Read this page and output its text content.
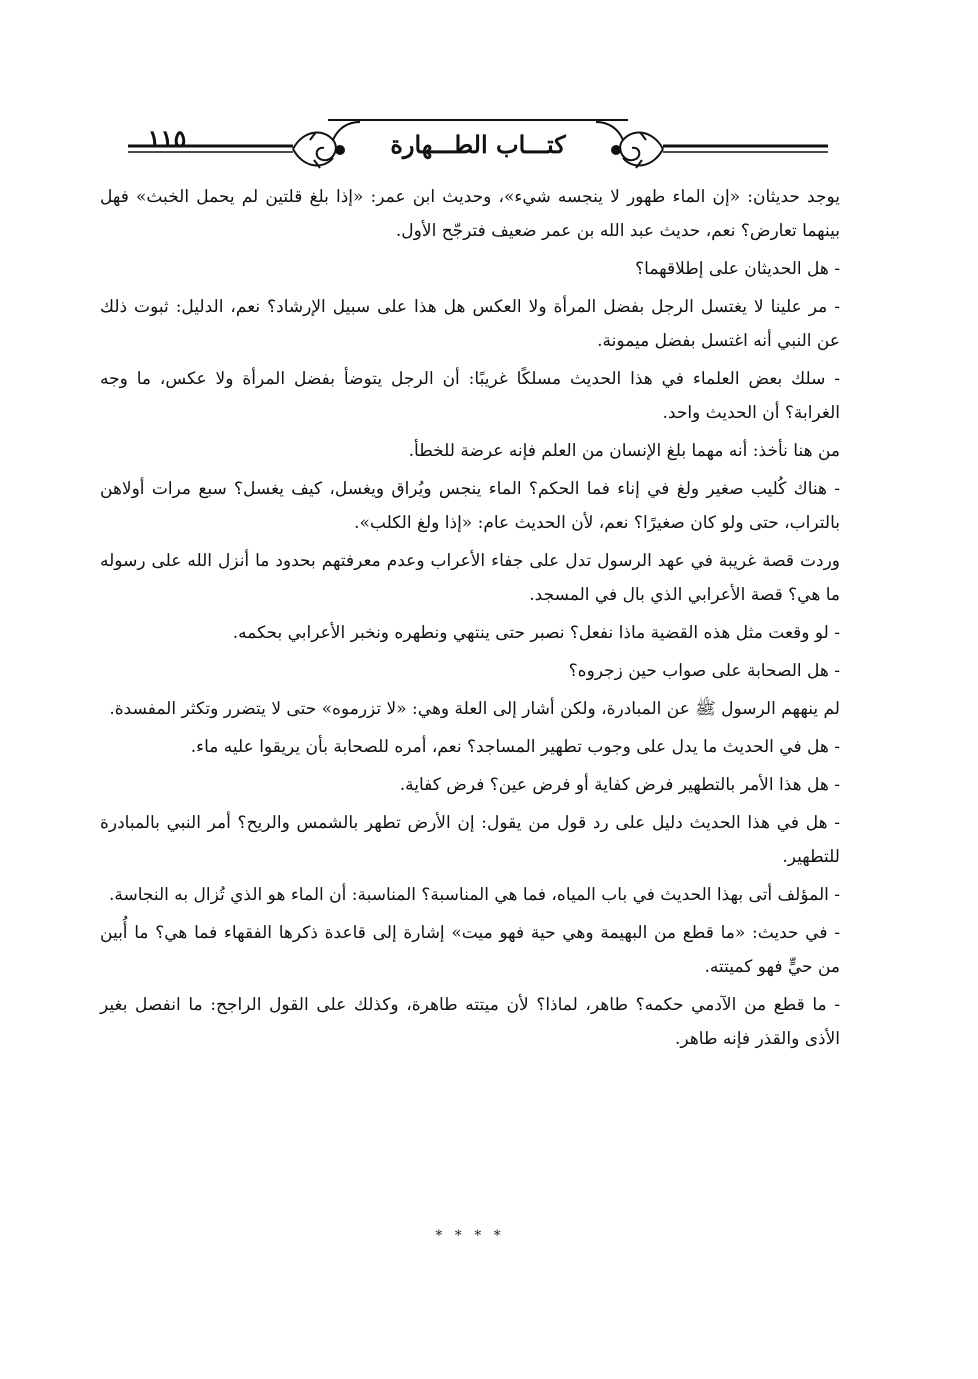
١١٥	كتـــاب الطـــهارة

يوجد حديثان: «إن الماء طهور لا ينجسه شيء»، وحديث ابن عمر: «إذا بلغ قلتين لم يحمل الخبث» فهل بينهما تعارض؟ نعم، حديث عبد الله بن عمر ضعيف فترجّح الأول.

- هل الحديثان على إطلاقهما؟

- مر علينا لا يغتسل الرجل بفضل المرأة ولا العكس هل هذا على سبيل الإرشاد؟ نعم، الدليل: ثبوت ذلك عن النبي أنه اغتسل بفضل ميمونة.

- سلك بعض العلماء في هذا الحديث مسلكًا غريبًا: أن الرجل يتوضأ بفضل المرأة ولا عكس، ما وجه الغرابة؟ أن الحديث واحد.

من هنا نأخذ: أنه مهما بلغ الإنسان من العلم فإنه عرضة للخطأ.

- هناك كُليب صغير ولغ في إناء فما الحكم؟ الماء ينجس ويُراق ويغسل، كيف يغسل؟ سبع مرات أولاهن بالتراب، حتى ولو كان صغيرًا؟ نعم، لأن الحديث عام: «إذا ولغ الكلب».

وردت قصة غريبة في عهد الرسول تدل على جفاء الأعراب وعدم معرفتهم بحدود ما أنزل الله على رسوله ما هي؟ قصة الأعرابي الذي بال في المسجد.

- لو وقعت مثل هذه القضية ماذا نفعل؟ نصبر حتى ينتهي ونطهره ونخبر الأعرابي بحكمه.

- هل الصحابة على صواب حين زجروه؟

لم ينههم الرسول ﷺ عن المبادرة، ولكن أشار إلى العلة وهي: «لا تزرموه» حتى لا يتضرر وتكثر المفسدة.

- هل في الحديث ما يدل على وجوب تطهير المساجد؟ نعم، أمره للصحابة بأن يريقوا عليه ماء.

- هل هذا الأمر بالتطهير فرض كفاية أو فرض عين؟ فرض كفاية.

- هل في هذا الحديث دليل على رد قول من يقول: إن الأرض تطهر بالشمس والريح؟ أمر النبي بالمبادرة للتطهير.

- المؤلف أتى بهذا الحديث في باب المياه، فما هي المناسبة؟ المناسبة: أن الماء هو الذي تُزال به النجاسة.

- في حديث: «ما قطع من البهيمة وهي حية فهو ميت» إشارة إلى قاعدة ذكرها الفقهاء فما هي؟ ما أُبين من حيٍّ فهو كميتته.

- ما قطع من الآدمي حكمه؟ طاهر، لماذا؟ لأن ميتته طاهرة، وكذلك على القول الراجح: ما انفصل بغير الأذى والقذر فإنه طاهر.

* * * *
